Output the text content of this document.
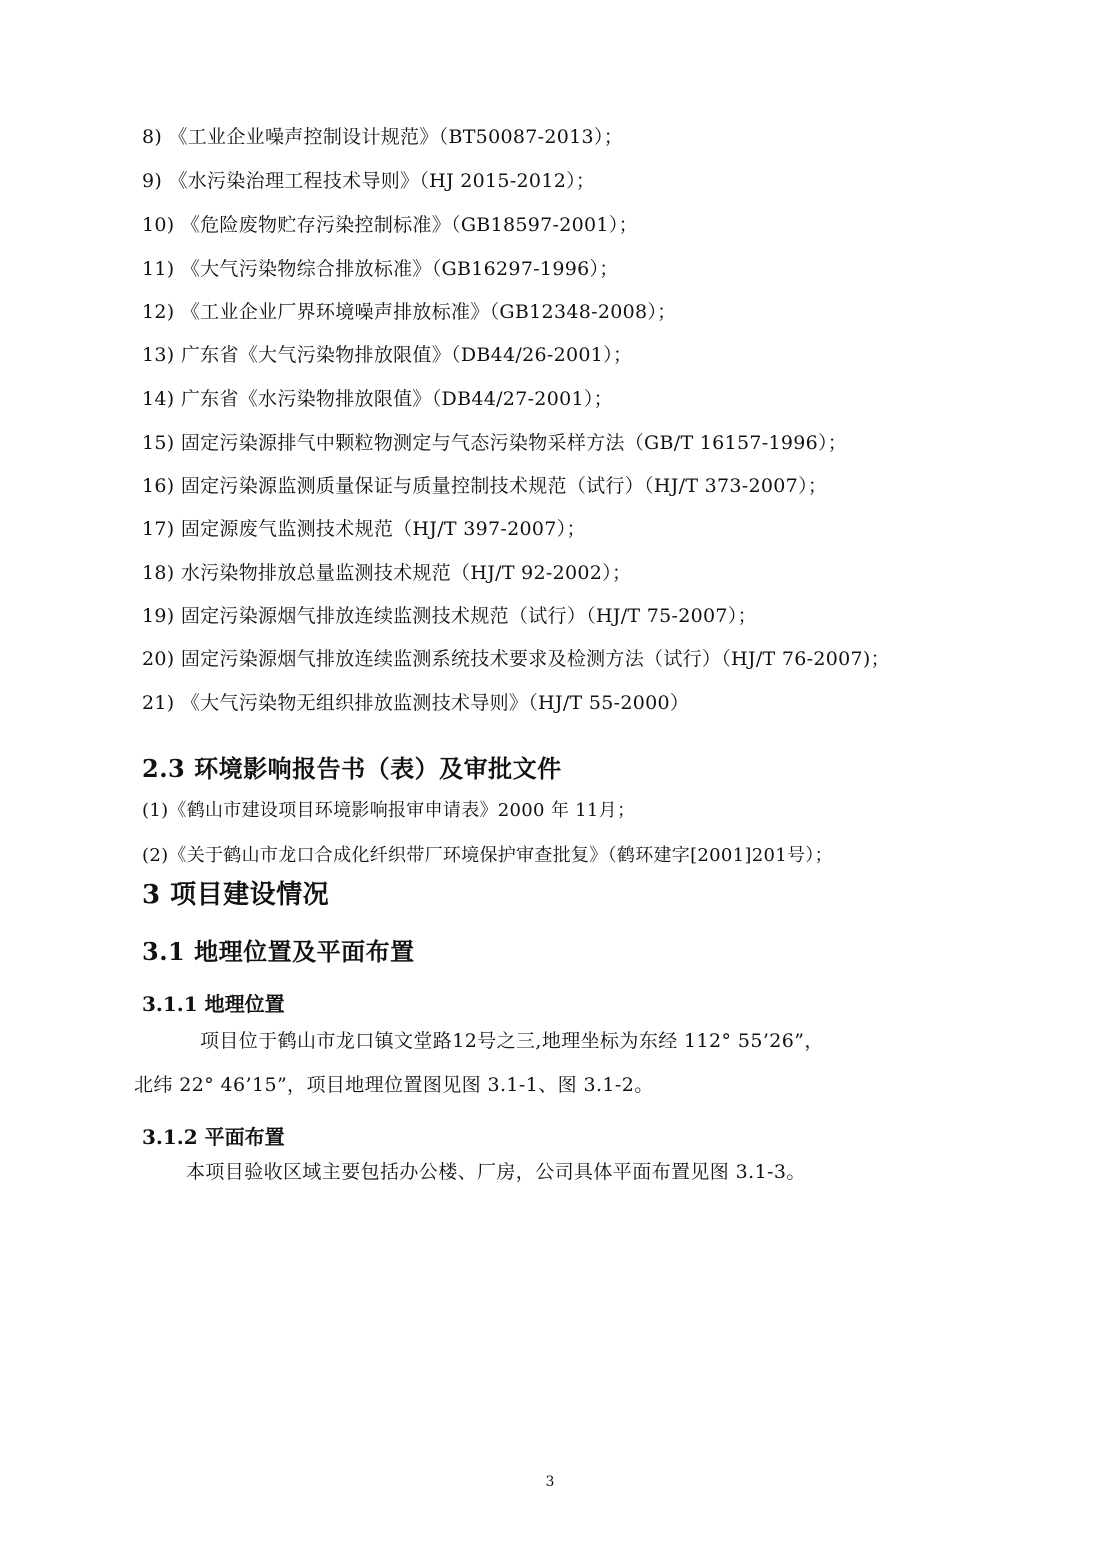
8) 《工业企业噪声控制设计规范》（BT50087-2013）；
9) 《水污染治理工程技术导则》（HJ 2015-2012）；
10) 《危险废物贮存污染控制标准》（GB18597-2001）；
11) 《大气污染物综合排放标准》（GB16297-1996）；
12) 《工业企业厂界环境噪声排放标准》（GB12348-2008）；
13) 广东省《大气污染物排放限值》（DB44/26-2001）；
14) 广东省《水污染物排放限值》（DB44/27-2001）；
15) 固定污染源排气中颗粒物测定与气态污染物采样方法（GB/T 16157-1996）；
16) 固定污染源监测质量保证与质量控制技术规范（试行）（HJ/T 373-2007）；
17) 固定源废气监测技术规范（HJ/T 397-2007）；
18) 水污染物排放总量监测技术规范（HJ/T 92-2002）；
19) 固定污染源烟气排放连续监测技术规范（试行）（HJ/T 75-2007）；
20) 固定污染源烟气排放连续监测系统技术要求及检测方法（试行）（HJ/T 76-2007)；
21) 《大气污染物无组织排放监测技术导则》（HJ/T 55-2000）
2.3 环境影响报告书（表）及审批文件
(1)《鹤山市建设项目环境影响报审申请表》2000 年 11月；
(2)《关于鹤山市龙口合成化纤织带厂环境保护审查批复》（鹤环建字[2001]201号）；
3 项目建设情况
3.1 地理位置及平面布置
3.1.1 地理位置
项目位于鹤山市龙口镇文堂路12号之三,地理坐标为东经 112° 55’26”，
北纬 22° 46’15”，项目地理位置图见图 3.1-1、图 3.1-2。
3.1.2 平面布置
本项目验收区域主要包括办公楼、厂房，公司具体平面布置见图 3.1-3。
3
